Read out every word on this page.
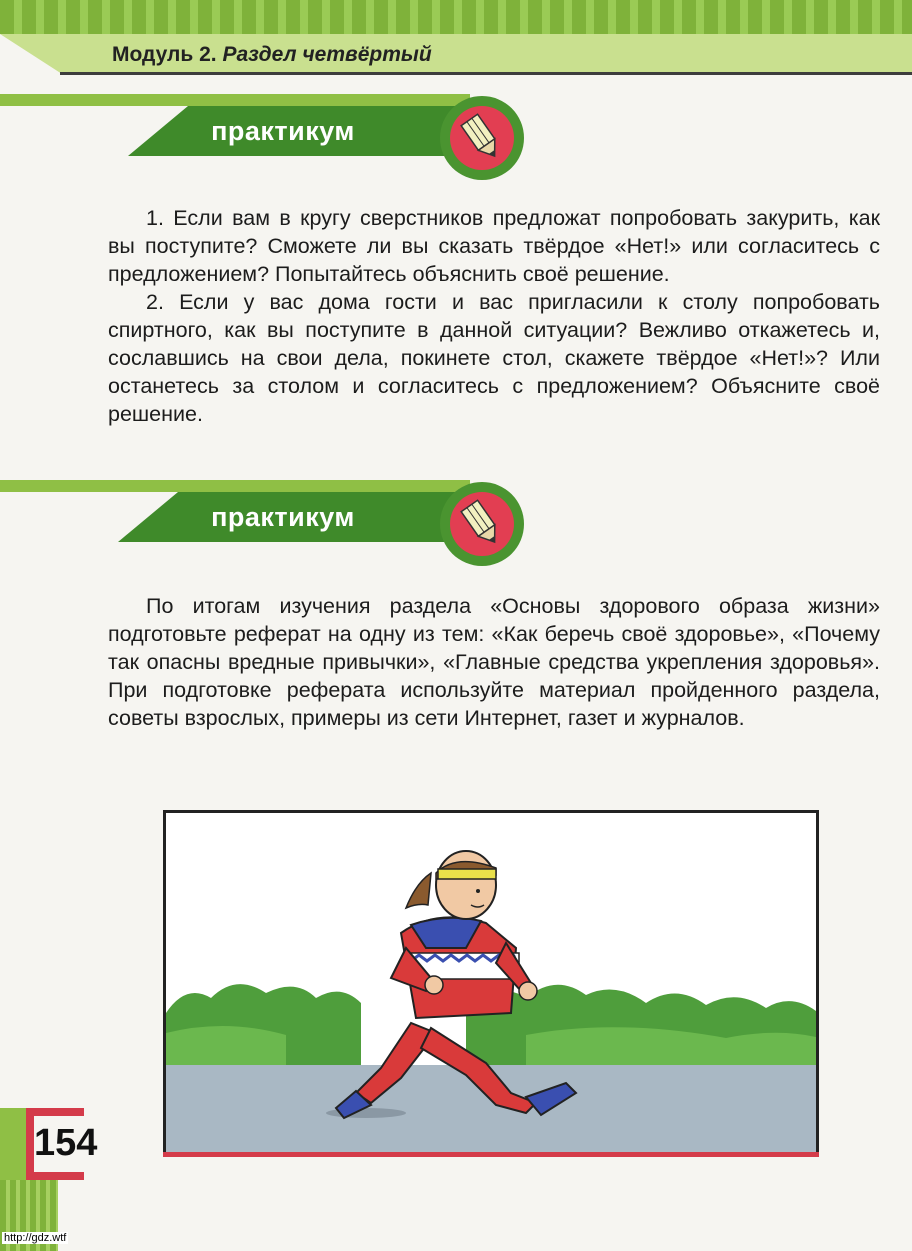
Модуль 2. Раздел четвёртый
практикум

1. Если вам в кругу сверстников предложат попробовать закурить, как вы поступите? Сможете ли вы сказать твёрдое «Нет!» или согласитесь с предложением? Попытайтесь объяснить своё решение.

2. Если у вас дома гости и вас пригласили к столу попробовать спиртного, как вы поступите в данной ситуации? Вежливо откажетесь и, сославшись на свои дела, покинете стол, скажете твёрдое «Нет!»? Или останетесь за столом и согласитесь с предложением? Объясните своё решение.

практикум

По итогам изучения раздела «Основы здорового образа жизни» подготовьте реферат на одну из тем: «Как беречь своё здоровье», «Почему так опасны вредные привычки», «Главные средства укрепления здоровья». При подготовке реферата используйте материал пройденного раздела, советы взрослых, примеры из сети Интернет, газет и журналов.

154
http://gdz.wtf
